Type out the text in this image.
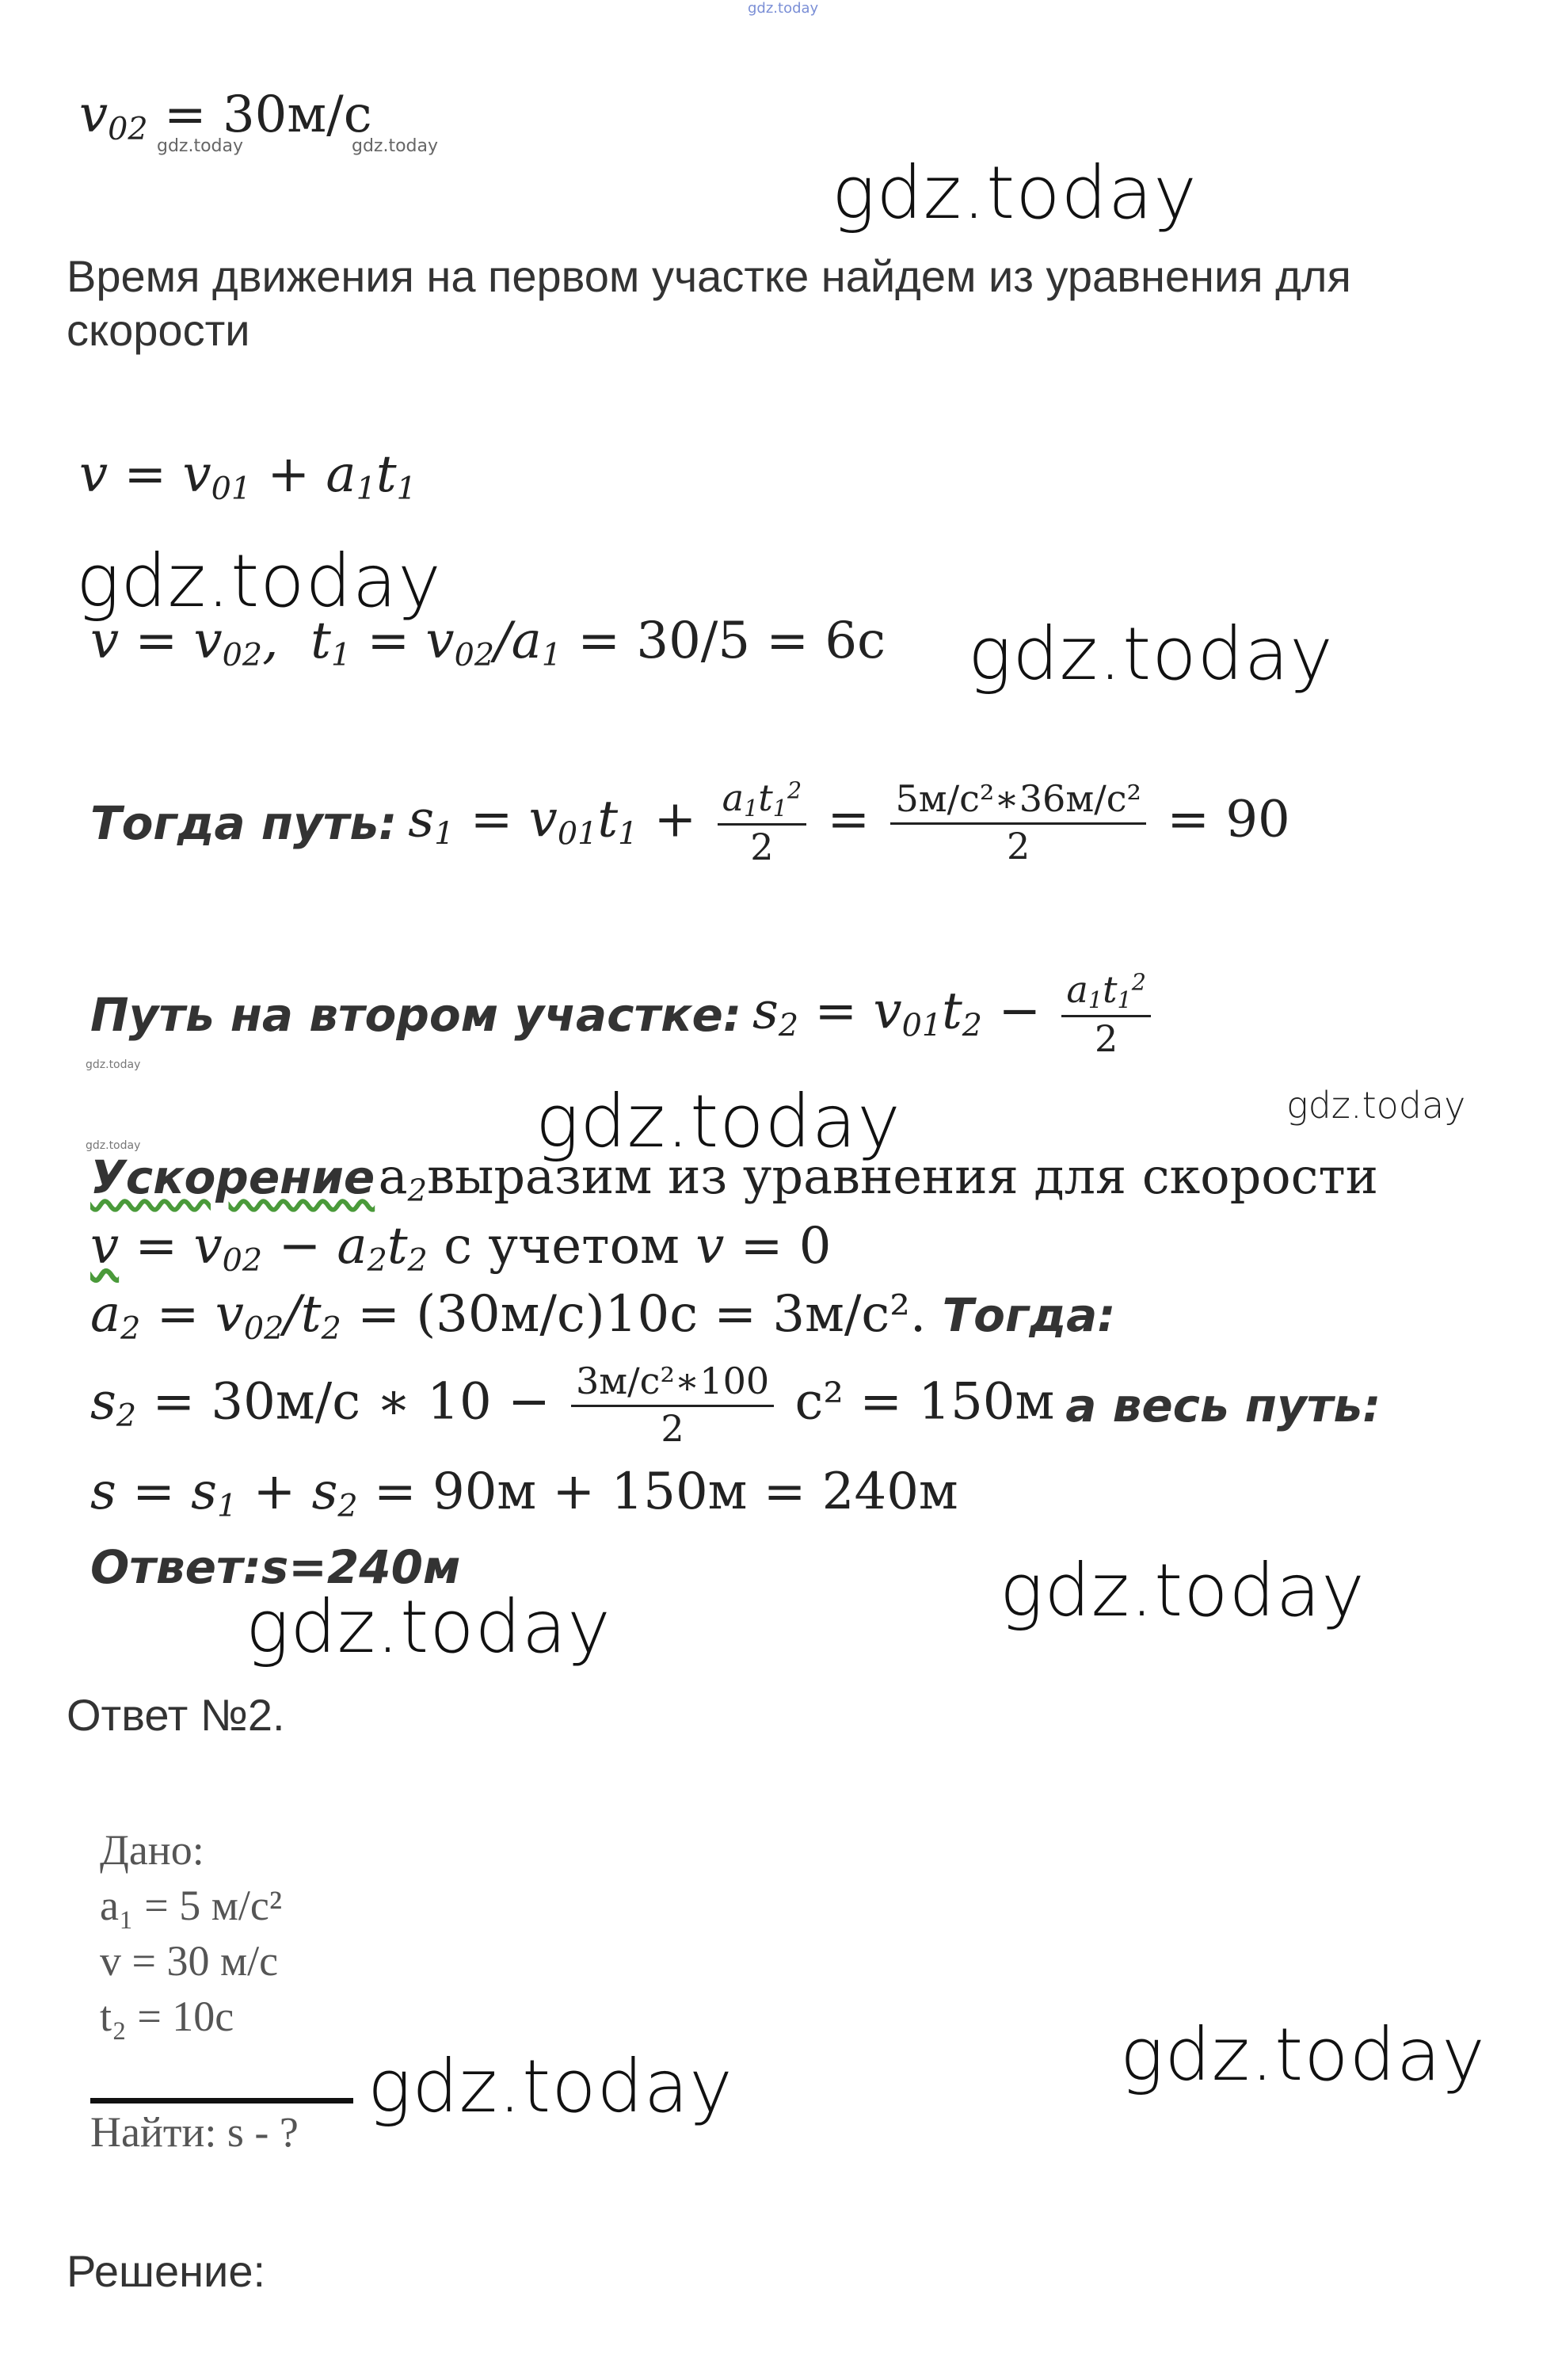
gdz.today
$v_{02} = 30м/с$
gdz.today	gdz.today
gdz.today
Время движения на первом участке найдем из уравнения для скорости
$v = v_{01} + a_1t_1$
gdz.today
$v = v_{02}$,  $t_1 = v_{02}/a_1 = 30/5 = 6с$ gdz.today
Тогда путь: $s_1 = v_{01}t_1 + \frac{a_1t_1^2}{2} = \frac{\text{5м/с²∗36м/с²}}{2} = 90$
Путь на втором участке: $s_2 = v_{01}t_2 - \frac{a_1t_1^2}{2}$
gdz.today
gdz.today	gdz.today
gdz.today
Ускорение $a_2выразим$ из уравнения для скорости
$v = v_{02} - a_2t_2$ с учетом v = 0
$a_2 = v_{02}/t_2 = (30м/с)10с = 3м/с^2$. Тогда:
$s_2 = 30м/с$ ∗ $10 - \frac{\text{3м/с²∗100}}{2} с^2 = 150м$ а весь путь:
$s = s_1 + s_2 = 90м + 150м = 240м$
Ответ:s=240м	gdz.today
gdz.today
Ответ №2.
Дано:
a₁ = 5 м/с²
v = 30 м/с
t₂ = 10с
Найти: s - ?
gdz.today	gdz.today
Решение:
